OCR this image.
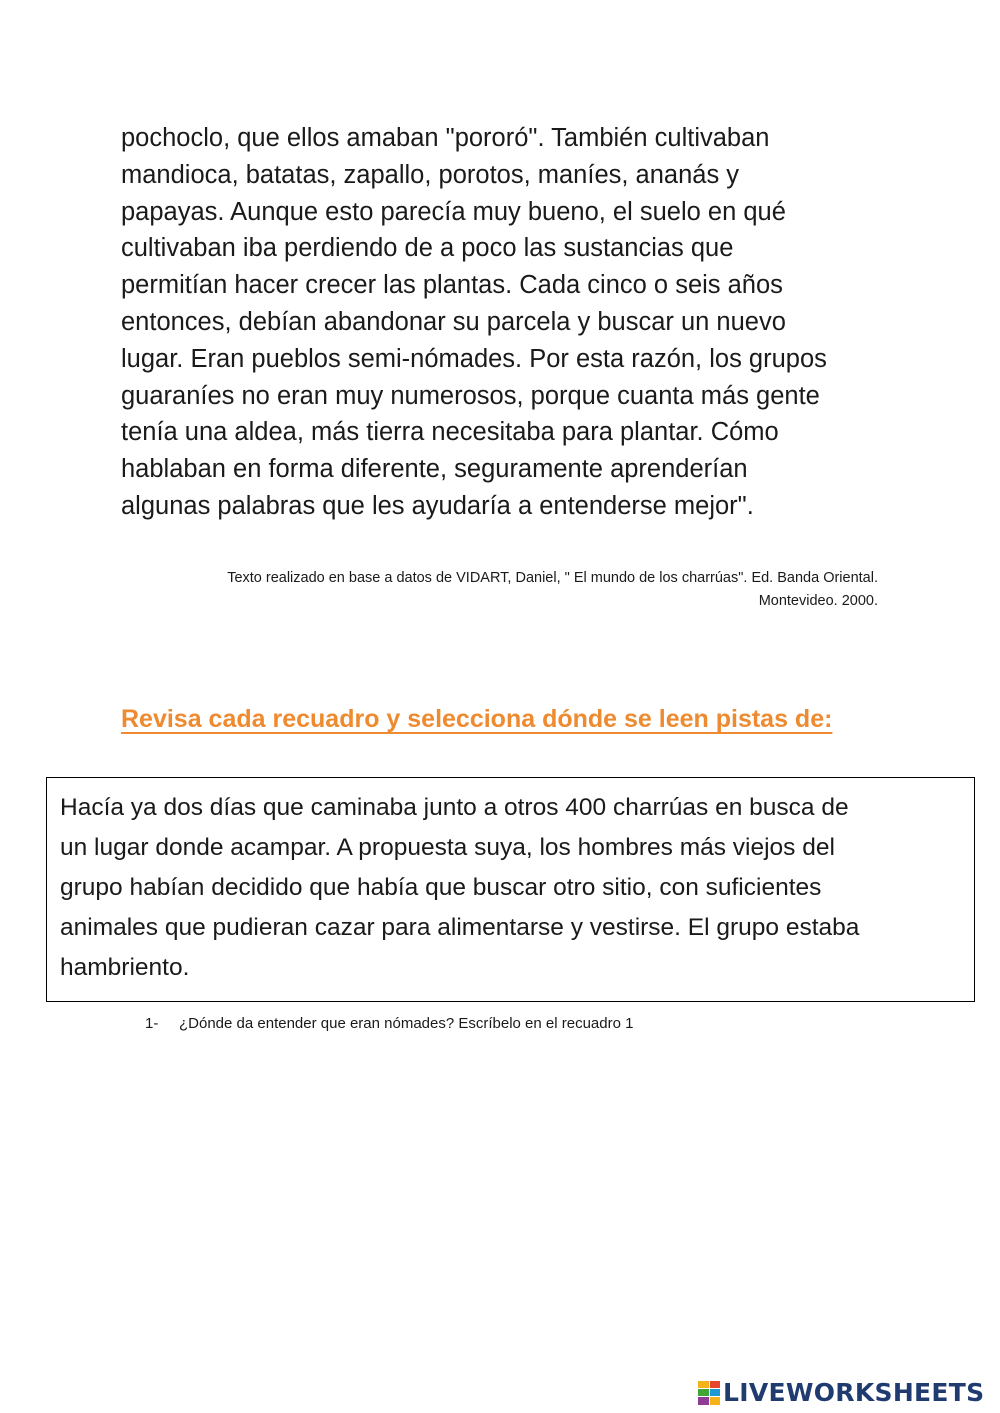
pochoclo, que ellos amaban "pororó". También cultivaban
mandioca, batatas, zapallo, porotos, maníes, ananás y
papayas. Aunque esto parecía muy bueno, el suelo en qué
cultivaban iba perdiendo de a poco las sustancias que
permitían hacer crecer las plantas. Cada cinco o seis años
entonces, debían abandonar su parcela y buscar un nuevo
lugar. Eran pueblos semi-nómades. Por esta razón, los grupos
guaraníes no eran muy numerosos, porque cuanta más gente
tenía una aldea, más tierra necesitaba para plantar. Cómo
hablaban en forma diferente, seguramente aprenderían
algunas palabras que les ayudaría a entenderse mejor".
Texto realizado en base a datos de VIDART, Daniel, " El mundo de los charrúas". Ed. Banda Oriental.
Montevideo. 2000.
Revisa cada recuadro y selecciona dónde se leen pistas de:
Hacía ya dos días que caminaba junto a otros 400 charrúas en busca de
un lugar donde acampar. A propuesta suya, los hombres más viejos del
grupo habían decidido que había que buscar otro sitio, con suficientes
animales que pudieran cazar para alimentarse y vestirse. El grupo estaba
hambriento.
1- ¿Dónde da entender que eran nómades? Escríbelo en el recuadro 1
LIVEWORKSHEETS
